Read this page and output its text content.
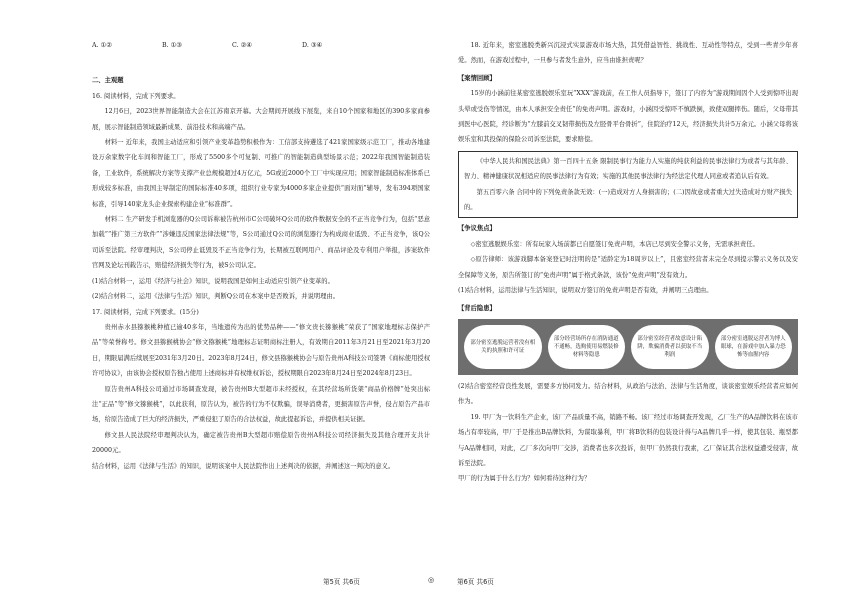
A. ①②	B. ①③	C. ②④	D. ③④

二、主观题

16. 阅读材料，完成下列要求。

12月6日，2023世界智能制造大会在江苏南京开幕。大会期间开展线下展览，来自10个国家和地区的390多家商参展，展示智能制造领域最新成果、前沿技术和高端产品。

材料一 近年来，我国主动适应和引领产业变革趋势积极作为：工信部支持遴选了421家国家级示范工厂，推动各地建设万余家数字化车间和智能工厂，形成了5500多个可复制、可推广的智能制造典型场景示范；2022年我国智能制造装备，工业软件，系统解决方案等支撑产业总规模超过4万亿元，5G或近2000个工厂中实现应用；国家智能制造标准体系已形成较多标准，由我国主导制定的国际标准40多项，组织行业专家为4000多家企业提供“面对面”辅导，发布394项国家标准，引导140家龙头企业探索构建企业“标准群”。

材料二 生产研发手机浏览器的Q公司诉称被告杭州市C公司破坏Q公司的软件数据安全的不正当竞争行为，包括“恶意加载”“推广第三方软件”“涉嫌违反国家法律法规”等，S公司通过Q公司的浏览器行为构成商业诋毁、不正当竞争，该Q公司诉至法院。经审理判决，S公司停止诋毁及不正当竞争行为，长期被互联网用户、商品评论及专利用户举报，涉案软件官网及论坛刊载告示，赔偿经济损失等行为，被S公司认定。

(1)结合材料一，运用《经济与社会》知识，说明我国是如何主动适应引领产业变革的。

(2)结合材料二，运用《法律与生活》知识，判断Q公司在本案中是否败诉，并说明理由。

17. 阅读材料，完成下列要求。(15分)

贵州赤水县猕猴桃种植已逾40多年，当地遗传为出的优势品种——“修文贵长猕猴桃”荣获了“国家地理标志保护产品”等荣誉称号。修文县猕猴桃协会“修文猕猴桃”地理标志证明商标注册人，有效期自2011年3月21日至2021年3月20日，期限届满后续展至2031年3月20日。2023年8月24日，修文县猕猴桃协会与原告贵州A科技公司签署《商标使用授权许可协议》，由该协会授权原告独占使用上述商标并有权维权诉讼，授权期限自2023年8月24日至2024年8月23日。

原告贵州A科技公司通过市场调查发现，被告贵州B大型超市未经授权，在其经营场所货架“商品价格牌”处突出标注“正品”等“修文猕猴桃”，以此获利，原告认为，被告的行为不仅欺骗，误导消费者，更损害原告声誉，侵占原告产品市场，给原告造成了巨大的经济损失，严重侵犯了原告的合法权益，故此提起诉讼，并提供相关证据。

修文县人民法院经审理判决认为，确定被告贵州B大型超市赔偿原告贵州A科技公司经济损失及其他合理开支共计20000元。

结合材料，运用《法律与生活》的知识，说明该案中人民法院作出上述判决的依据，并阐述这一判决的意义。

18. 近年来，密室逃脱类新兴沉浸式实景游戏市场大热，其凭借益智性、挑战性、互动性等特点，受到一些青少年喜爱。然而，在游戏过程中，一旦参与者发生意外，应当由谁担责呢？

【案情回顾】

15岁的小涵前往某密室逃脱娱乐室玩“XXX”游戏前，在工作人员指导下，签订了内容为“游戏期间因个人受到惊吓出现头晕或受伤等情况，由本人承担安全责任”的免责声明。游戏时，小涵因受惊吓不慎跌倒，致使双腿摔伤。随后，父母带其到医中心医院，经诊断为“左膝前交叉韧带损伤及左胫骨平台骨折”，住院治疗12天，经济损失共计5万余元。小涵父母将该娱乐室和其投保的保险公司诉至法院，要求赔偿。

《中华人民共和国民法典》第一百四十五条 限制民事行为能力人实施的纯获利益的民事法律行为或者与其年龄、智力、精神健康状况相适应的民事法律行为有效；实施的其他民事法律行为经法定代理人同意或者追认后有效。

第五百零六条 合同中的下列免责条款无效：(一)造成对方人身损害的；(二)因故意或者重大过失造成对方财产损失的。

【争议焦点】

◇密室逃脱娱乐室：所有玩家入场前都已自愿签订免责声明，本店已尽到安全警示义务，无需承担责任。

◇原告律师：该游戏脚本备案登记时注明的是“适龄定为18周岁以上”，且密室经营者未完全尽到提示警示义务以及安全保障等义务，原告所签订的“免责声明”属于格式条款，该份“免责声明”没有效力。

(1)结合材料，运用法律与生活知识，说明双方签订的免责声明是否有效，并阐明三点理由。

【背后隐患】

部分密室逃脱运营者没有相关的执照和许可证
部分经营场所存在消防通道不通畅，选购使用易燃装修材料等隐患
部分密室经营者故意设计陷阱，欺骗消费者以获取不当利润
部分密室逃脱运营者为博人眼球，在游戏中加入暴力恐怖等血腥内容

(2)结合密室经营良性发展，需要多方协同发力。结合材料，从政治与法治、法律与生活角度，谈谈密室娱乐经营者应如何作为。

19. 甲厂为一饮料生产企业，该厂产品质量不高，销路不畅。该厂经过市场调查开发现，乙厂生产的A品牌饮料在该市场占有率较高，甲厂于是推出B品牌饮料，为谋取暴利，甲厂将B饮料的包装设计得与A品牌几乎一样，使其包装、瓶型都与A品牌相同，对此，乙厂多次向甲厂交涉，消费者也多次投诉，但甲厂仍然我行我素，乙厂保证其合法权益遭受侵害，故诉至法院。

甲厂的行为属于什么行为？如何看待这种行为？

第5页 共6页	◎	第6页 共6页
